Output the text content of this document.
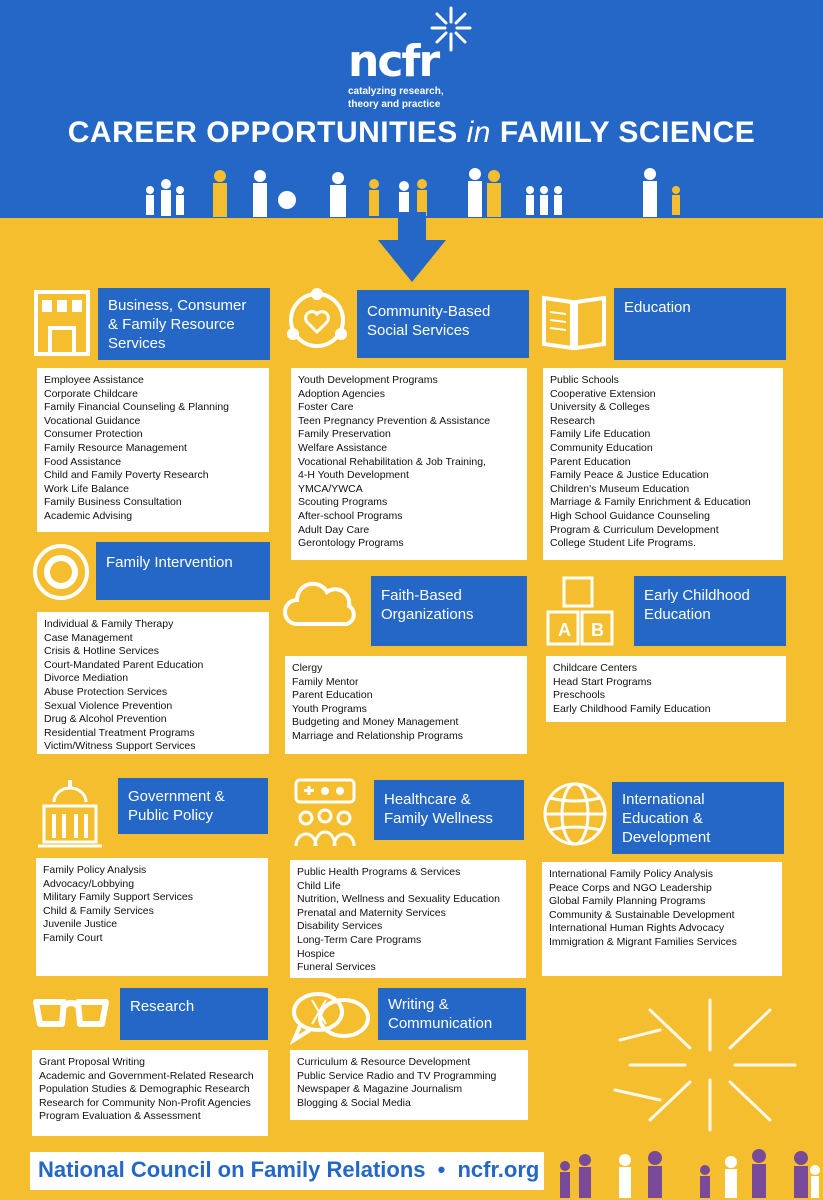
ncfr
catalyzing research,
theory and practice
CAREER OPPORTUNITIES in FAMILY SCIENCE
Business, Consumer & Family Resource Services
Employee Assistance
Corporate Childcare
Family Financial Counseling & Planning
Vocational Guidance
Consumer Protection
Family Resource Management
Food Assistance
Child and Family Poverty Research
Work Life Balance
Family Business Consultation
Academic Advising
Community-Based Social Services
Youth Development Programs
Adoption Agencies
Foster Care
Teen Pregnancy Prevention & Assistance
Family Preservation
Welfare Assistance
Vocational Rehabilitation & Job Training,
4-H Youth Development
YMCA/YWCA
Scouting Programs
After-school Programs
Adult Day Care
Gerontology Programs
Education
Public Schools
Cooperative Extension
University & Colleges
Research
Family Life Education
Community Education
Parent Education
Family Peace & Justice Education
Children's Museum Education
Marriage & Family Enrichment & Education
High School Guidance Counseling
Program & Curriculum Development
College Student Life Programs.
Family Intervention
Individual & Family Therapy
Case Management
Crisis & Hotline Services
Court-Mandated Parent Education
Divorce Mediation
Abuse Protection Services
Sexual Violence Prevention
Drug & Alcohol Prevention
Residential Treatment Programs
Victim/Witness Support Services
Faith-Based Organizations
Clergy
Family Mentor
Parent Education
Youth Programs
Budgeting and Money Management
Marriage and Relationship Programs
A B
Early Childhood Education
Childcare Centers
Head Start Programs
Preschools
Early Childhood Family Education
Government & Public Policy
Family Policy Analysis
Advocacy/Lobbying
Military Family Support Services
Child & Family Services
Juvenile Justice
Family Court
Healthcare & Family Wellness
Public Health Programs & Services
Child Life
Nutrition, Wellness and Sexuality Education
Prenatal and Maternity Services
Disability Services
Long-Term Care Programs
Hospice
Funeral Services
International Education & Development
International Family Policy Analysis
Peace Corps and NGO Leadership
Global Family Planning Programs
Community & Sustainable Development
International Human Rights Advocacy
Immigration & Migrant Families Services
Research
Grant Proposal Writing
Academic and Government-Related Research
Population Studies & Demographic Research
Research for Community Non-Profit Agencies
Program Evaluation & Assessment
Writing & Communication
Curriculum & Resource Development
Public Service Radio and TV Programming
Newspaper & Magazine Journalism
Blogging & Social Media
National Council on Family Relations • ncfr.org
